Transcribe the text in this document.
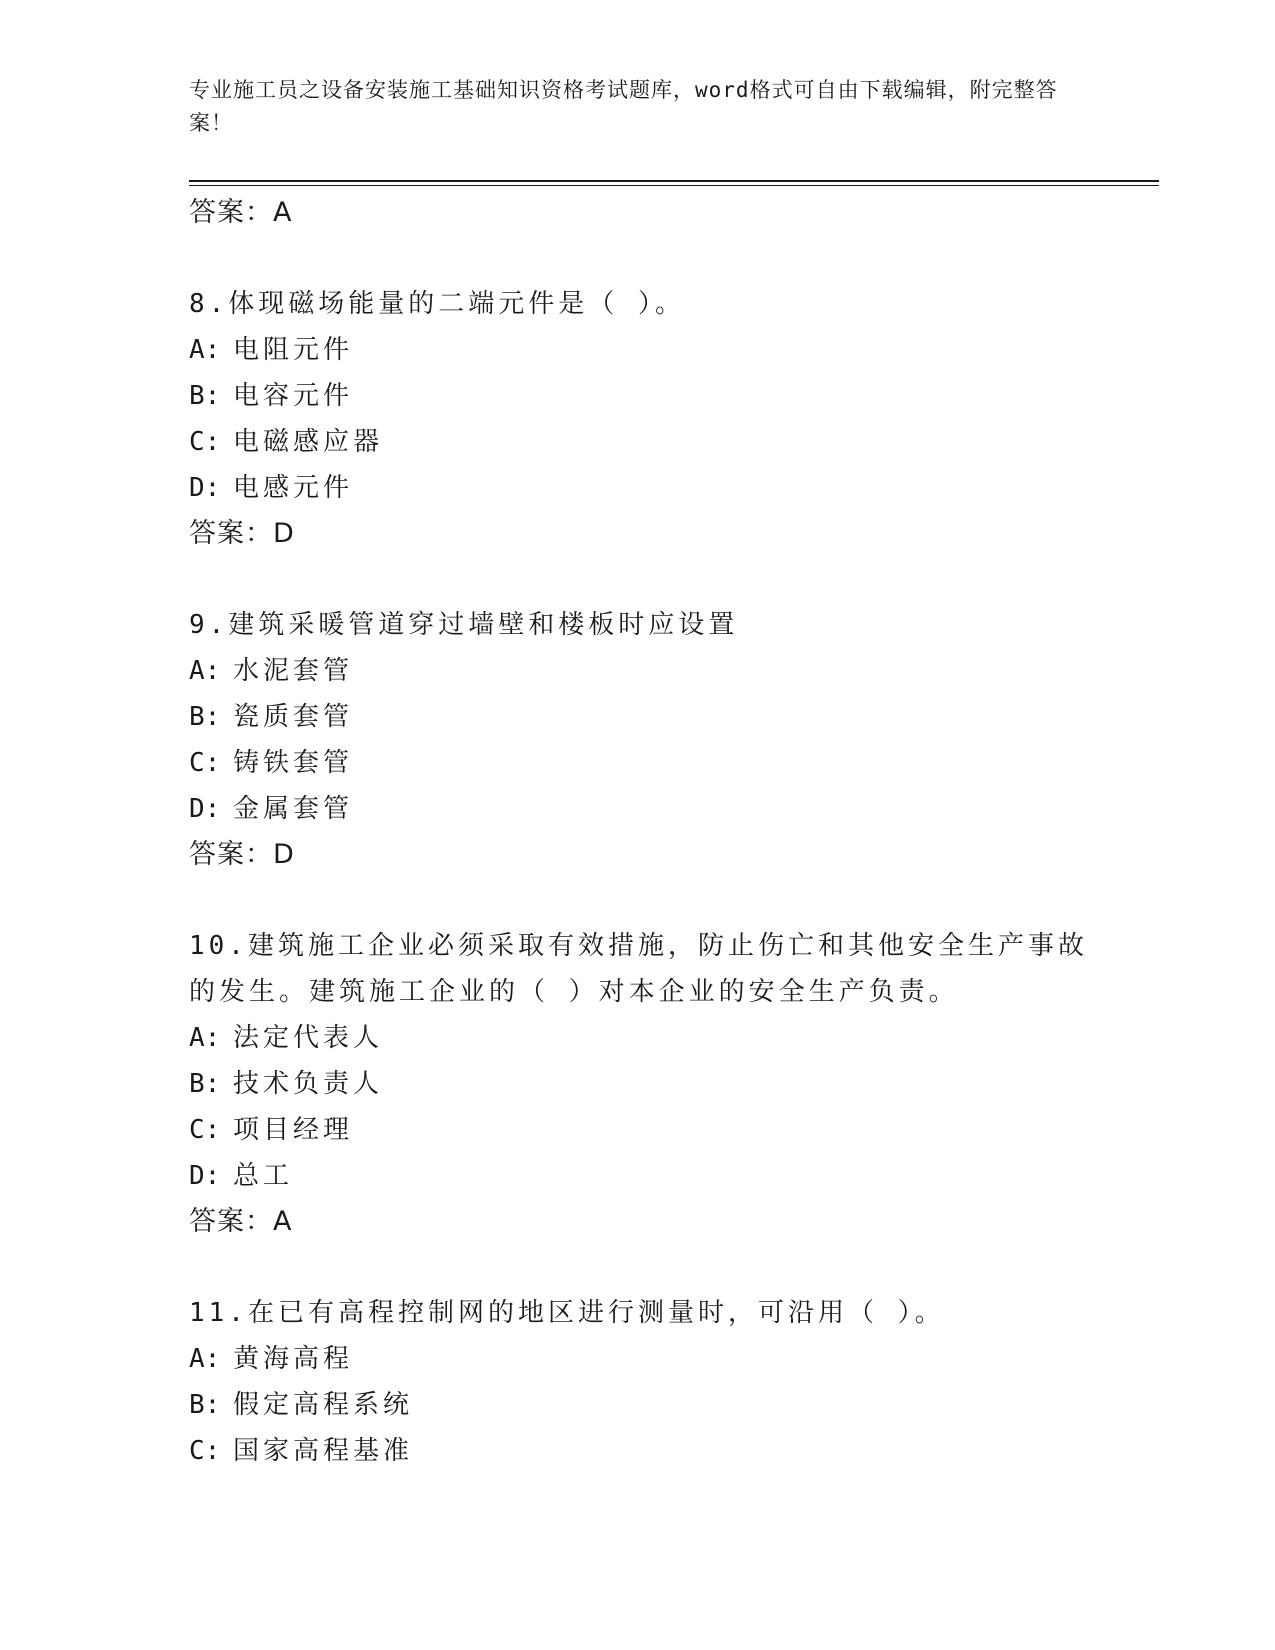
专业施工员之设备安装施工基础知识资格考试题库，word格式可自由下载编辑，附完整答案！
答案：A
8.体现磁场能量的二端元件是（ ）。
A: 电阻元件
B: 电容元件
C: 电磁感应器
D: 电感元件
答案：D
9.建筑采暖管道穿过墙壁和楼板时应设置
A: 水泥套管
B: 瓷质套管
C: 铸铁套管
D: 金属套管
答案：D
10.建筑施工企业必须采取有效措施，防止伤亡和其他安全生产事故的发生。建筑施工企业的（ ）对本企业的安全生产负责。
A: 法定代表人
B: 技术负责人
C: 项目经理
D: 总工
答案：A
11.在已有高程控制网的地区进行测量时，可沿用（ ）。
A: 黄海高程
B: 假定高程系统
C: 国家高程基准
